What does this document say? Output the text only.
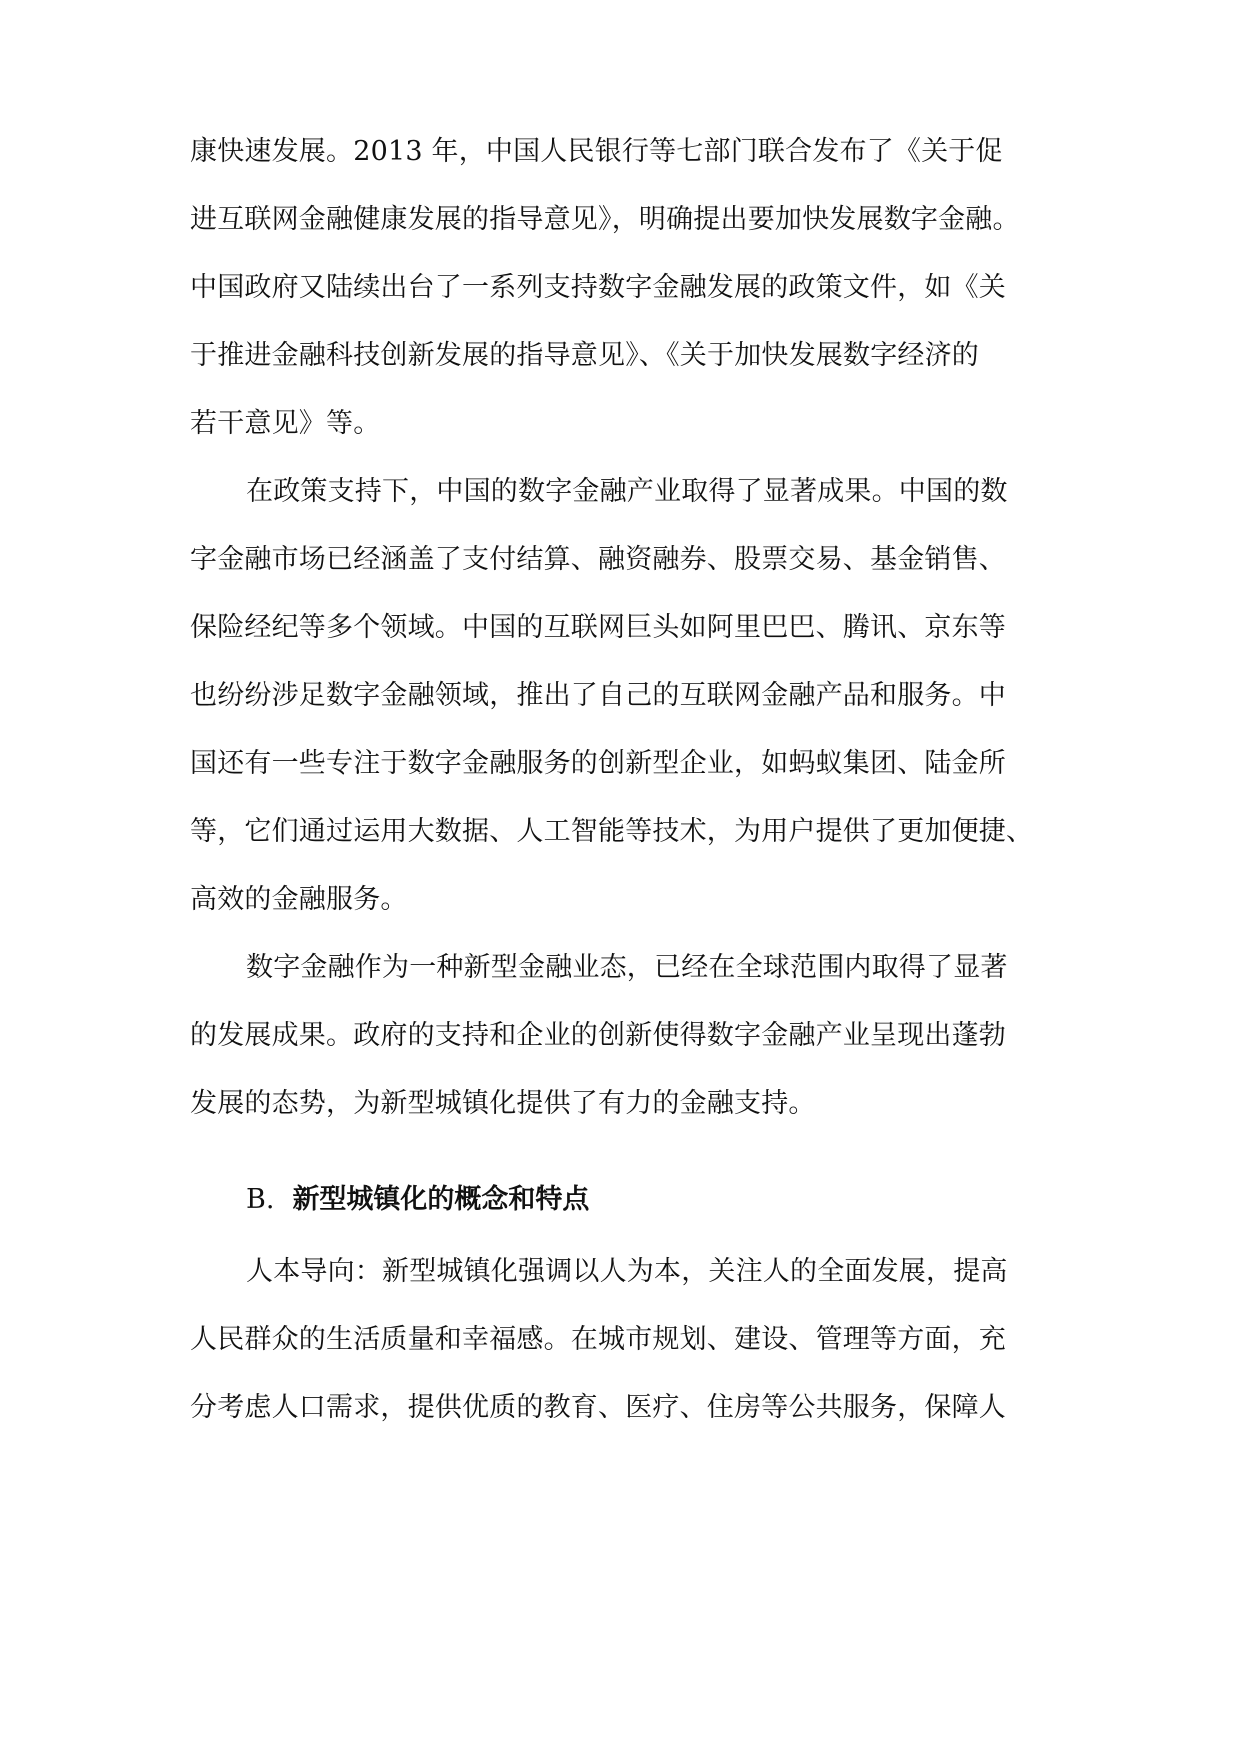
康快速发展。2013 年，中国人民银行等七部门联合发布了《关于促
进互联网金融健康发展的指导意见》，明确提出要加快发展数字金融。
中国政府又陆续出台了一系列支持数字金融发展的政策文件，如《关
于推进金融科技创新发展的指导意见》、《关于加快发展数字经济的
若干意见》等。
在政策支持下，中国的数字金融产业取得了显著成果。中国的数
字金融市场已经涵盖了支付结算、融资融券、股票交易、基金销售、
保险经纪等多个领域。中国的互联网巨头如阿里巴巴、腾讯、京东等
也纷纷涉足数字金融领域，推出了自己的互联网金融产品和服务。中
国还有一些专注于数字金融服务的创新型企业，如蚂蚁集团、陆金所
等，它们通过运用大数据、人工智能等技术，为用户提供了更加便捷、
高效的金融服务。
数字金融作为一种新型金融业态，已经在全球范围内取得了显著
的发展成果。政府的支持和企业的创新使得数字金融产业呈现出蓬勃
发展的态势，为新型城镇化提供了有力的金融支持。
B. 新型城镇化的概念和特点
人本导向：新型城镇化强调以人为本，关注人的全面发展，提高
人民群众的生活质量和幸福感。在城市规划、建设、管理等方面，充
分考虑人口需求，提供优质的教育、医疗、住房等公共服务，保障人
